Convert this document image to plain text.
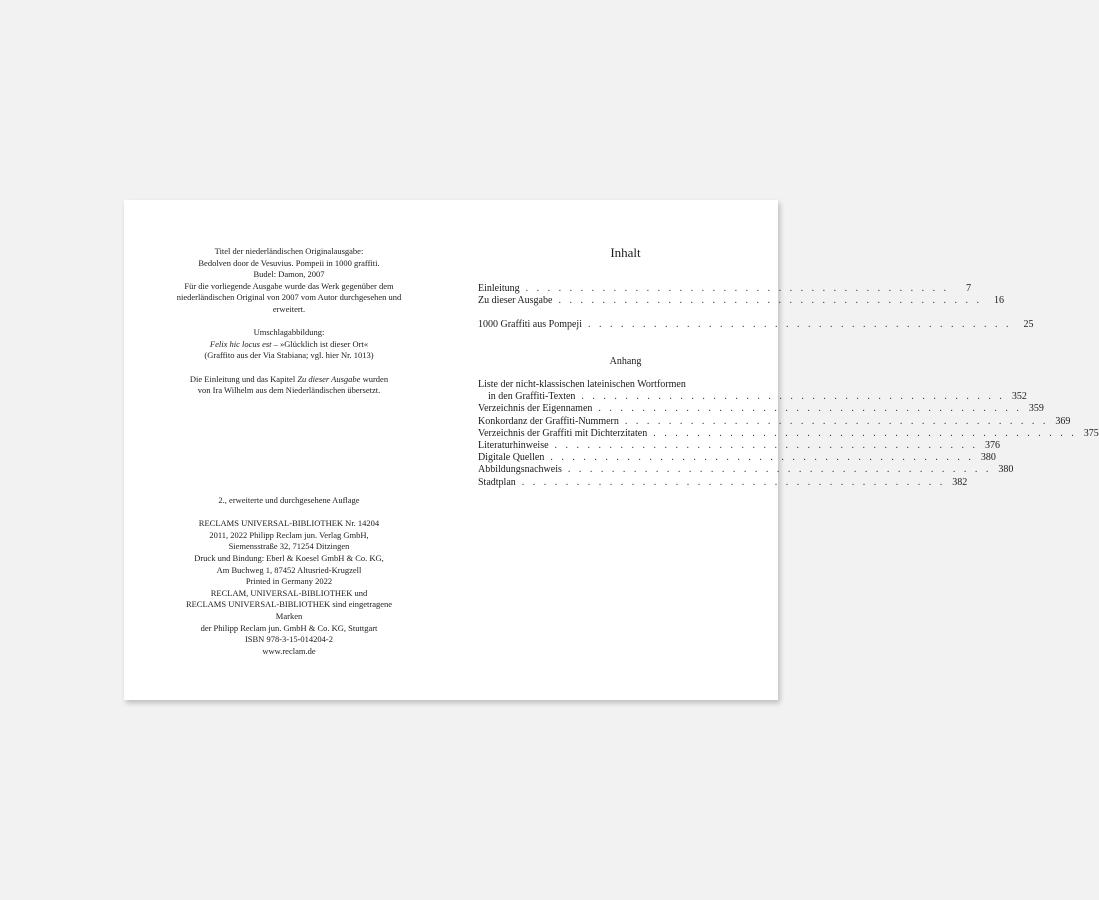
Titel der niederländischen Originalausgabe:

Bedolven door de Vesuvius. Pompeii in 1000 graffiti.

Budel: Damon, 2007

Für die vorliegende Ausgabe wurde das Werk gegenüber dem

niederländischen Original von 2007 vom Autor durchgesehen und

erweitert.

Umschlagabbildung:

Felix hic locus est – »Glücklich ist dieser Ort«

(Graffito aus der Via Stabiana; vgl. hier Nr. 1013)

Die Einleitung und das Kapitel Zu dieser Ausgabe wurden

von Ira Wilhelm aus dem Niederländischen übersetzt.

2., erweiterte und durchgesehene Auflage

RECLAMS UNIVERSAL-BIBLIOTHEK Nr. 14204

2011, 2022 Philipp Reclam jun. Verlag GmbH,

Siemensstraße 32, 71254 Ditzingen

Druck und Bindung: Eberl & Koesel GmbH & Co. KG,

Am Buchweg 1, 87452 Altusried-Krugzell

Printed in Germany 2022

RECLAM, UNIVERSAL-BIBLIOTHEK und

RECLAMS UNIVERSAL-BIBLIOTHEK sind eingetragene Marken

der Philipp Reclam jun. GmbH & Co. KG, Stuttgart

ISBN 978-3-15-014204-2

www.reclam.de

Inhalt
Einleitung . . . . . . . . . . . . . . . . . . . . . . . . . . . . . . . . . . . . . . .	7
Zu dieser Ausgabe . . . . . . . . . . . . . . . . . . . . . . . . . . . . . . . . . . . . . . .	16
1000 Graffiti aus Pompeji . . . . . . . . . . . . . . . . . . . . . . . . . . . . . . . . . . . . . . .	25
Anhang
Liste der nicht-klassischen lateinischen Wortformen
in den Graffiti-Texten . . . . . . . . . . . . . . . . . . . . . . . . . . . . . . . . . . . . . . . 352
Verzeichnis der Eigennamen . . . . . . . . . . . . . . . . . . . . . . . . . . . . . . . . . . . . . . . 359
Konkordanz der Graffiti-Nummern . . . . . . . . . . . . . . . . . . . . . . . . . . . . . . . . . . . . . . . 369
Verzeichnis der Graffiti mit Dichterzitaten . . . . . . . . . . . . . . . . . . . . . . . . . . . . . . . . . . . . . . . 375
Literaturhinweise . . . . . . . . . . . . . . . . . . . . . . . . . . . . . . . . . . . . . . . 376
Digitale Quellen . . . . . . . . . . . . . . . . . . . . . . . . . . . . . . . . . . . . . . . 380
Abbildungsnachweis . . . . . . . . . . . . . . . . . . . . . . . . . . . . . . . . . . . . . . . 380
Stadtplan . . . . . . . . . . . . . . . . . . . . . . . . . . . . . . . . . . . . . . . 382
